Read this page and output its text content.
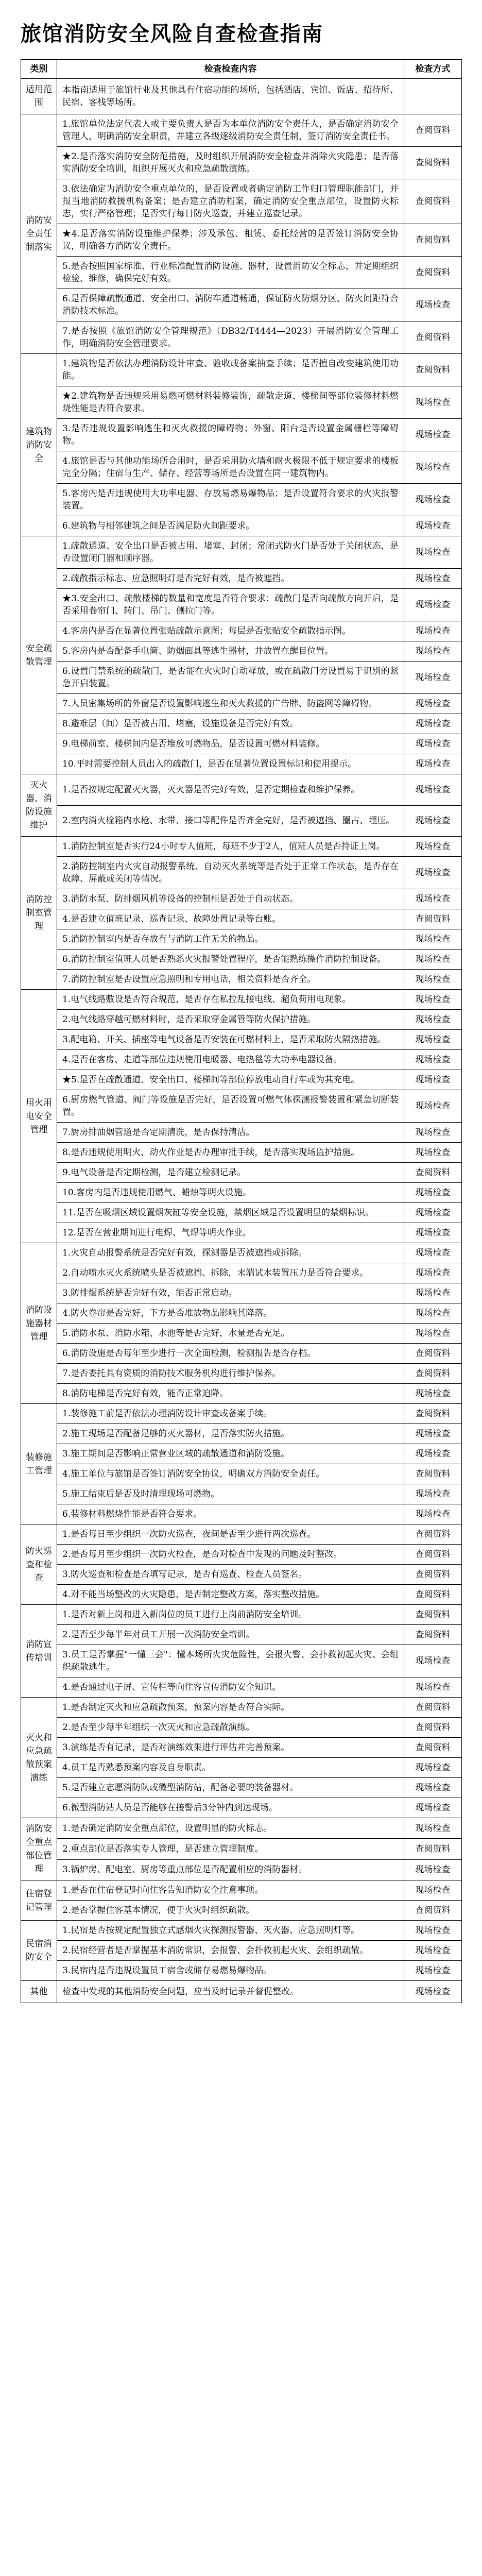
旅馆消防安全风险自查检查指南
类别	检查检查内容	检查方式
适用范围	本指南适用于旅馆行业及其他具有住宿功能的场所，包括酒店、宾馆、饭店、招待所、民宿、客栈等场所。	
消防安全责任制落实	1.旅馆单位法定代表人或主要负责人是否为本单位消防安全责任人，是否确定消防安全管理人，明确消防安全职责，并建立各级逐级消防安全责任制，签订消防安全责任书。	查阅资料
	★2.是否落实消防安全防范措施，及时组织开展消防安全检查并消除火灾隐患；是否落实消防安全培训，组织开展灭火和应急疏散演练。	查阅资料
	3.依法确定为消防安全重点单位的，是否设置或者确定消防工作归口管理职能部门，并报当地消防救援机构备案；是否建立消防档案，确定消防安全重点部位，设置防火标志，实行严格管理；是否实行每日防火巡查，并建立巡查记录。	查阅资料
	★4.是否落实消防设施维护保养；涉及承包、租赁、委托经营的是否签订消防安全协议，明确各方消防安全责任。	查阅资料
	5.是否按照国家标准、行业标准配置消防设施、器材，设置消防安全标志，并定期组织检验、维修，确保完好有效。	查阅资料
	6.是否保障疏散通道、安全出口、消防车通道畅通，保证防火防烟分区、防火间距符合消防技术标准。	现场检查
	7.是否按照《旅馆消防安全管理规范》（DB32/T4444—2023）开展消防安全管理工作，明确消防安全管理要求。	查阅资料
建筑物消防安全	1.建筑物是否依法办理消防设计审查、验收或备案抽查手续；是否擅自改变建筑使用功能。	查阅资料
	★2.建筑物是否违规采用易燃可燃材料装修装饰，疏散走道、楼梯间等部位装修材料燃烧性能是否符合要求。	现场检查
	3.是否违规设置影响逃生和灭火救援的障碍物；外窗、阳台是否设置金属栅栏等障碍物。	现场检查
	4.旅馆是否与其他功能场所合用时，是否采用防火墙和耐火极限不低于规定要求的楼板完全分隔；住宿与生产、储存、经营等场所是否设置在同一建筑物内。	现场检查
	5.客房内是否违规使用大功率电器、存放易燃易爆物品；是否设置符合要求的火灾报警装置。	现场检查
	6.建筑物与相邻建筑之间是否满足防火间距要求。	现场检查
安全疏散管理	1.疏散通道、安全出口是否被占用、堵塞、封闭；常闭式防火门是否处于关闭状态，是否设置闭门器和顺序器。	现场检查
	2.疏散指示标志、应急照明灯是否完好有效，是否被遮挡。	现场检查
	★3.安全出口、疏散楼梯的数量和宽度是否符合要求；疏散门是否向疏散方向开启，是否采用卷帘门、转门、吊门、侧拉门等。	现场检查
	4.客房内是否在显著位置张贴疏散示意图；每层是否张贴安全疏散指示图。	现场检查
	5.客房内是否配备手电筒、防烟面具等逃生器材，并放置在醒目位置。	现场检查
	6.设置门禁系统的疏散门，是否能在火灾时自动释放，或在疏散门旁设置易于识别的紧急开启装置。	现场检查
	7.人员密集场所的外窗是否设置影响逃生和灭火救援的广告牌、防盗网等障碍物。	现场检查
	8.避难层（间）是否被占用、堵塞，设施设备是否完好有效。	现场检查
	9.电梯前室、楼梯间内是否堆放可燃物品，是否设置可燃材料装修。	现场检查
	10.平时需要控制人员出入的疏散门，是否在显著位置设置标识和使用提示。	现场检查
灭火器、消防设施维护	1.是否按规定配置灭火器，灭火器是否完好有效，是否定期检查和维护保养。	现场检查
	2.室内消火栓箱内水枪、水带、接口等配件是否齐全完好，是否被遮挡、圈占、埋压。	现场检查
消防控制室管理	1.消防控制室是否实行24小时专人值班，每班不少于2人，值班人员是否持证上岗。	现场检查
	2.消防控制室内火灾自动报警系统、自动灭火系统等是否处于正常工作状态，是否存在故障、屏蔽或关闭等情况。	现场检查
	3.消防水泵、防排烟风机等设备的控制柜是否处于自动状态。	现场检查
	4.是否建立值班记录、巡查记录、故障处置记录等台账。	查阅资料
	5.消防控制室内是否存放有与消防工作无关的物品。	现场检查
	6.消防控制室值班人员是否熟悉火灾报警处置程序，是否能熟练操作消防控制设备。	现场检查
	7.消防控制室是否设置应急照明和专用电话，相关资料是否齐全。	现场检查
用火用电安全管理	1.电气线路敷设是否符合规范，是否存在私拉乱接电线、超负荷用电现象。	现场检查
	2.电气线路穿越可燃材料时，是否采取穿金属管等防火保护措施。	现场检查
	3.配电箱、开关、插座等电气设备是否安装在可燃材料上，是否采取防火隔热措施。	现场检查
	4.是否在客房、走道等部位违规使用电暖器、电热毯等大功率电器设备。	现场检查
	★5.是否在疏散通道、安全出口、楼梯间等部位停放电动自行车或为其充电。	现场检查
	6.厨房燃气管道、阀门等设施是否完好，是否设置可燃气体探测报警装置和紧急切断装置。	现场检查
	7.厨房排油烟管道是否定期清洗，是否保持清洁。	现场检查
	8.是否违规使用明火，动火作业是否办理审批手续，是否落实现场监护措施。	现场检查
	9.电气设备是否定期检测，是否建立检测记录。	查阅资料
	10.客房内是否违规使用燃气、蜡烛等明火设施。	现场检查
	11.是否在吸烟区域设置烟灰缸等安全设施，禁烟区域是否设置明显的禁烟标识。	现场检查
	12.是否在营业期间进行电焊、气焊等明火作业。	现场检查
消防设施器材管理	1.火灾自动报警系统是否完好有效，探测器是否被遮挡或拆除。	现场检查
	2.自动喷水灭火系统喷头是否被遮挡、拆除，末端试水装置压力是否符合要求。	现场检查
	3.防排烟系统是否完好有效，能否正常启动。	现场检查
	4.防火卷帘是否完好，下方是否堆放物品影响其降落。	现场检查
	5.消防水泵、消防水箱、水池等是否完好，水量是否充足。	现场检查
	6.消防设施是否每年至少进行一次全面检测，检测报告是否存档。	查阅资料
	7.是否委托具有资质的消防技术服务机构进行维护保养。	查阅资料
	8.消防电梯是否完好有效，能否正常迫降。	现场检查
装修施工管理	1.装修施工前是否依法办理消防设计审查或备案手续。	查阅资料
	2.施工现场是否配备足够的灭火器材，是否落实防火措施。	现场检查
	3.施工期间是否影响正常营业区域的疏散通道和消防设施。	现场检查
	4.施工单位与旅馆是否签订消防安全协议，明确双方消防安全责任。	查阅资料
	5.施工结束后是否及时清理现场可燃物。	现场检查
	6.装修材料燃烧性能是否符合要求。	现场检查
防火巡查和检查	1.是否每日至少组织一次防火巡查，夜间是否至少进行两次巡查。	查阅资料
	2.是否每月至少组织一次防火检查，是否对检查中发现的问题及时整改。	查阅资料
	3.防火巡查和检查是否填写记录，是否有巡查、检查人员签名。	查阅资料
	4.对不能当场整改的火灾隐患，是否制定整改方案，落实整改措施。	查阅资料
消防宣传培训	1.是否对新上岗和进入新岗位的员工进行上岗前消防安全培训。	查阅资料
	2.是否至少每半年对员工开展一次消防安全培训。	查阅资料
	3.员工是否掌握"一懂三会"：懂本场所火灾危险性，会报火警、会扑救初起火灾、会组织疏散逃生。	现场检查
	4.是否通过电子屏、宣传栏等向住客宣传消防安全知识。	现场检查
灭火和应急疏散预案演练	1.是否制定灭火和应急疏散预案，预案内容是否符合实际。	查阅资料
	2.是否至少每半年组织一次灭火和应急疏散演练。	查阅资料
	3.演练是否有记录，是否对演练效果进行评估并完善预案。	查阅资料
	4.员工是否熟悉预案内容及自身职责。	现场检查
	5.是否建立志愿消防队或微型消防站，配备必要的装备器材。	现场检查
	6.微型消防站人员是否能够在接警后3分钟内到达现场。	现场检查
消防安全重点部位管理	1.是否确定消防安全重点部位，设置明显的防火标志。	现场检查
	2.重点部位是否落实专人管理，是否建立管理制度。	查阅资料
	3.锅炉房、配电室、厨房等重点部位是否配置相应的消防器材。	现场检查
住宿登记管理	1.是否在住宿登记时向住客告知消防安全注意事项。	现场检查
	2.是否掌握住客基本情况，便于火灾时组织疏散。	查阅资料
民宿消防安全	1.民宿是否按规定配置独立式感烟火灾探测报警器、灭火器、应急照明灯等。	现场检查
	2.民宿经营者是否掌握基本消防常识，会报警、会扑救初起火灾、会组织疏散。	现场检查
	3.民宿内是否违规设置员工宿舍或储存易燃易爆物品。	现场检查
其他	检查中发现的其他消防安全问题，应当及时记录并督促整改。	现场检查
